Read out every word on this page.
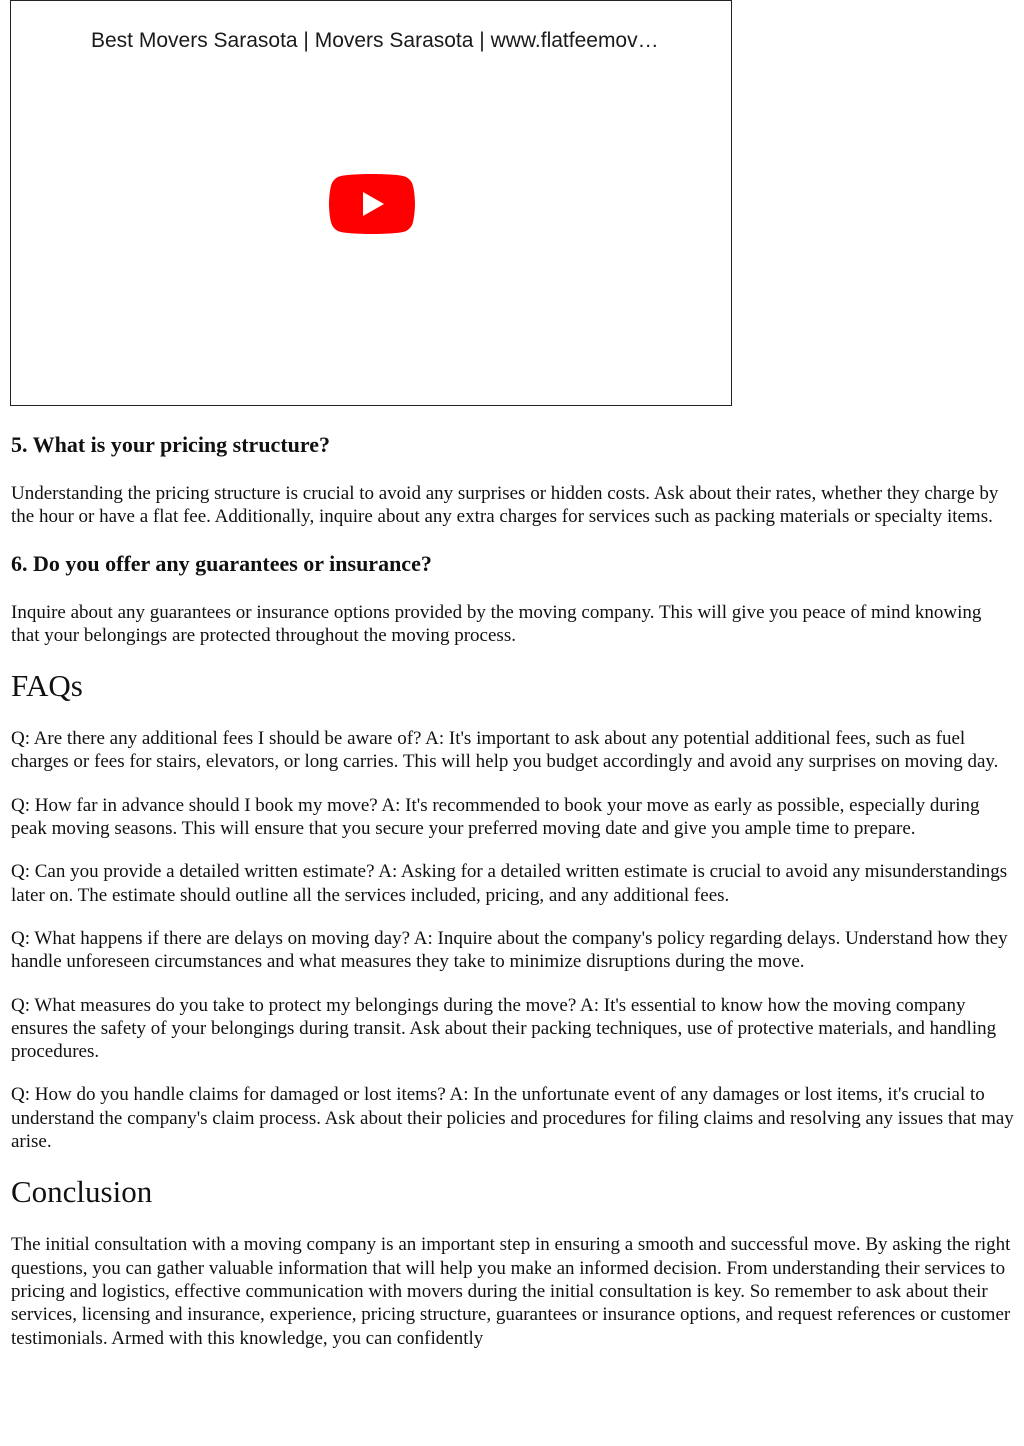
Best Movers Sarasota | Movers Sarasota | www.flatfeemov…
5. What is your pricing structure?

Understanding the pricing structure is crucial to avoid any surprises or hidden costs. Ask about their rates, whether they charge by the hour or have a flat fee. Additionally, inquire about any extra charges for services such as packing materials or specialty items.

6. Do you offer any guarantees or insurance?

Inquire about any guarantees or insurance options provided by the moving company. This will give you peace of mind knowing that your belongings are protected throughout the moving process.

FAQs

Q: Are there any additional fees I should be aware of? A: It's important to ask about any potential additional fees, such as fuel charges or fees for stairs, elevators, or long carries. This will help you budget accordingly and avoid any surprises on moving day.

Q: How far in advance should I book my move? A: It's recommended to book your move as early as possible, especially during peak moving seasons. This will ensure that you secure your preferred moving date and give you ample time to prepare.

Q: Can you provide a detailed written estimate? A: Asking for a detailed written estimate is crucial to avoid any misunderstandings later on. The estimate should outline all the services included, pricing, and any additional fees.

Q: What happens if there are delays on moving day? A: Inquire about the company's policy regarding delays. Understand how they handle unforeseen circumstances and what measures they take to minimize disruptions during the move.

Q: What measures do you take to protect my belongings during the move? A: It's essential to know how the moving company ensures the safety of your belongings during transit. Ask about their packing techniques, use of protective materials, and handling procedures.

Q: How do you handle claims for damaged or lost items? A: In the unfortunate event of any damages or lost items, it's crucial to understand the company's claim process. Ask about their policies and procedures for filing claims and resolving any issues that may arise.

Conclusion

The initial consultation with a moving company is an important step in ensuring a smooth and successful move. By asking the right questions, you can gather valuable information that will help you make an informed decision. From understanding their services to pricing and logistics, effective communication with movers during the initial consultation is key. So remember to ask about their services, licensing and insurance, experience, pricing structure, guarantees or insurance options, and request references or customer testimonials. Armed with this knowledge, you can confidently
